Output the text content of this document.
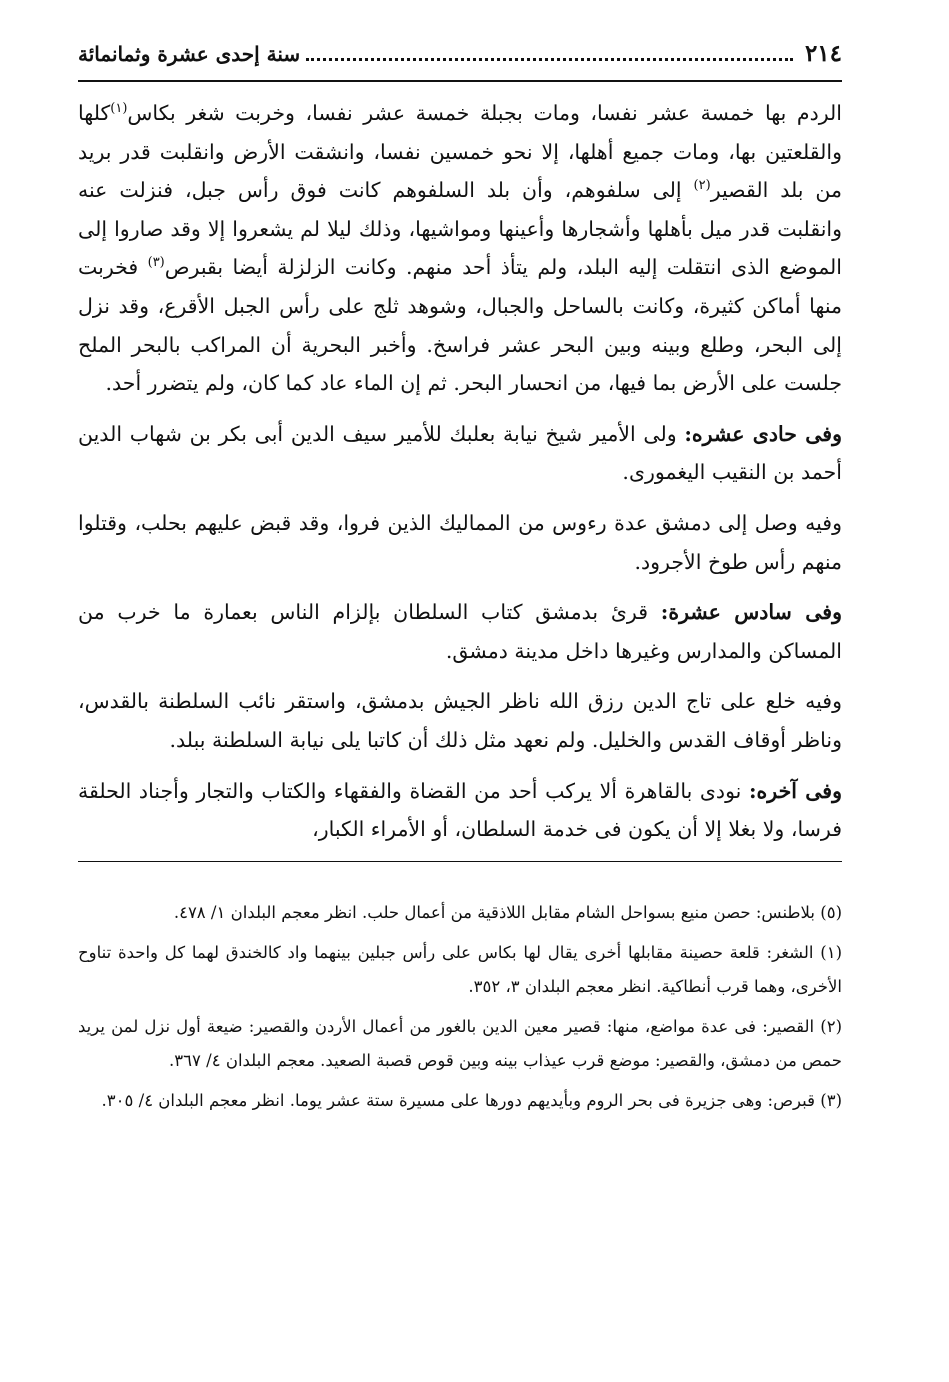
٢١٤
سنة إحدى عشرة وثمانمائة

الردم بها خمسة عشر نفسا، ومات بجبلة خمسة عشر نفسا، وخربت شغر بكاس$^{(١)}$كلها والقلعتين بها، ومات جميع أهلها، إلا نحو خمسين نفسا، وانشقت الأرض وانقلبت قدر بريد من بلد القصير$^{(٢)}$ إلى سلفوهم، وأن بلد السلفوهم كانت فوق رأس جبل، فنزلت عنه وانقلبت قدر ميل بأهلها وأشجارها وأعينها ومواشيها، وذلك ليلا لم يشعروا إلا وقد صاروا إلى الموضع الذى انتقلت إليه البلد، ولم يتأذ أحد منهم. وكانت الزلزلة أيضا بقبرص$^{(٣)}$ فخربت منها أماكن كثيرة، وكانت بالساحل والجبال، وشوهد ثلج على رأس الجبل الأقرع، وقد نزل إلى البحر، وطلع وبينه وبين البحر عشر فراسخ. وأخبر البحرية أن المراكب بالبحر الملح جلست على الأرض بما فيها، من انحسار البحر. ثم إن الماء عاد كما كان، ولم يتضرر أحد.

وفى حادى عشره: ولى الأمير شيخ نيابة بعلبك للأمير سيف الدين أبى بكر بن شهاب الدين أحمد بن النقيب اليغمورى.

وفيه وصل إلى دمشق عدة رءوس من المماليك الذين فروا، وقد قبض عليهم بحلب، وقتلوا منهم رأس طوخ الأجرود.

وفى سادس عشرة: قرئ بدمشق كتاب السلطان بإلزام الناس بعمارة ما خرب من المساكن والمدارس وغيرها داخل مدينة دمشق.

وفيه خلع على تاج الدين رزق الله ناظر الجيش بدمشق، واستقر نائب السلطنة بالقدس، وناظر أوقاف القدس والخليل. ولم نعهد مثل ذلك أن كاتبا يلى نيابة السلطنة ببلد.

وفى آخره: نودى بالقاهرة ألا يركب أحد من القضاة والفقهاء والكتاب والتجار وأجناد الحلقة فرسا، ولا بغلا إلا أن يكون فى خدمة السلطان، أو الأمراء الكبار،

(٥) بلاطنس: حصن منيع بسواحل الشام مقابل اللاذقية من أعمال حلب. انظر معجم البلدان ١/ ٤٧٨.

(١) الشغر: قلعة حصينة مقابلها أخرى يقال لها بكاس على رأس جبلين بينهما واد كالخندق لهما كل واحدة تناوح الأخرى، وهما قرب أنطاكية. انظر معجم البلدان ٣، ٣٥٢.

(٢) القصير: فى عدة مواضع، منها: قصير معين الدين بالغور من أعمال الأردن والقصير: ضيعة أول نزل لمن يريد حمص من دمشق، والقصير: موضع قرب عيذاب بينه وبين قوص قصبة الصعيد. معجم البلدان ٤/ ٣٦٧.

(٣) قبرص: وهى جزيرة فى بحر الروم وبأيديهم دورها على مسيرة ستة عشر يوما. انظر معجم البلدان ٤/ ٣٠٥.
